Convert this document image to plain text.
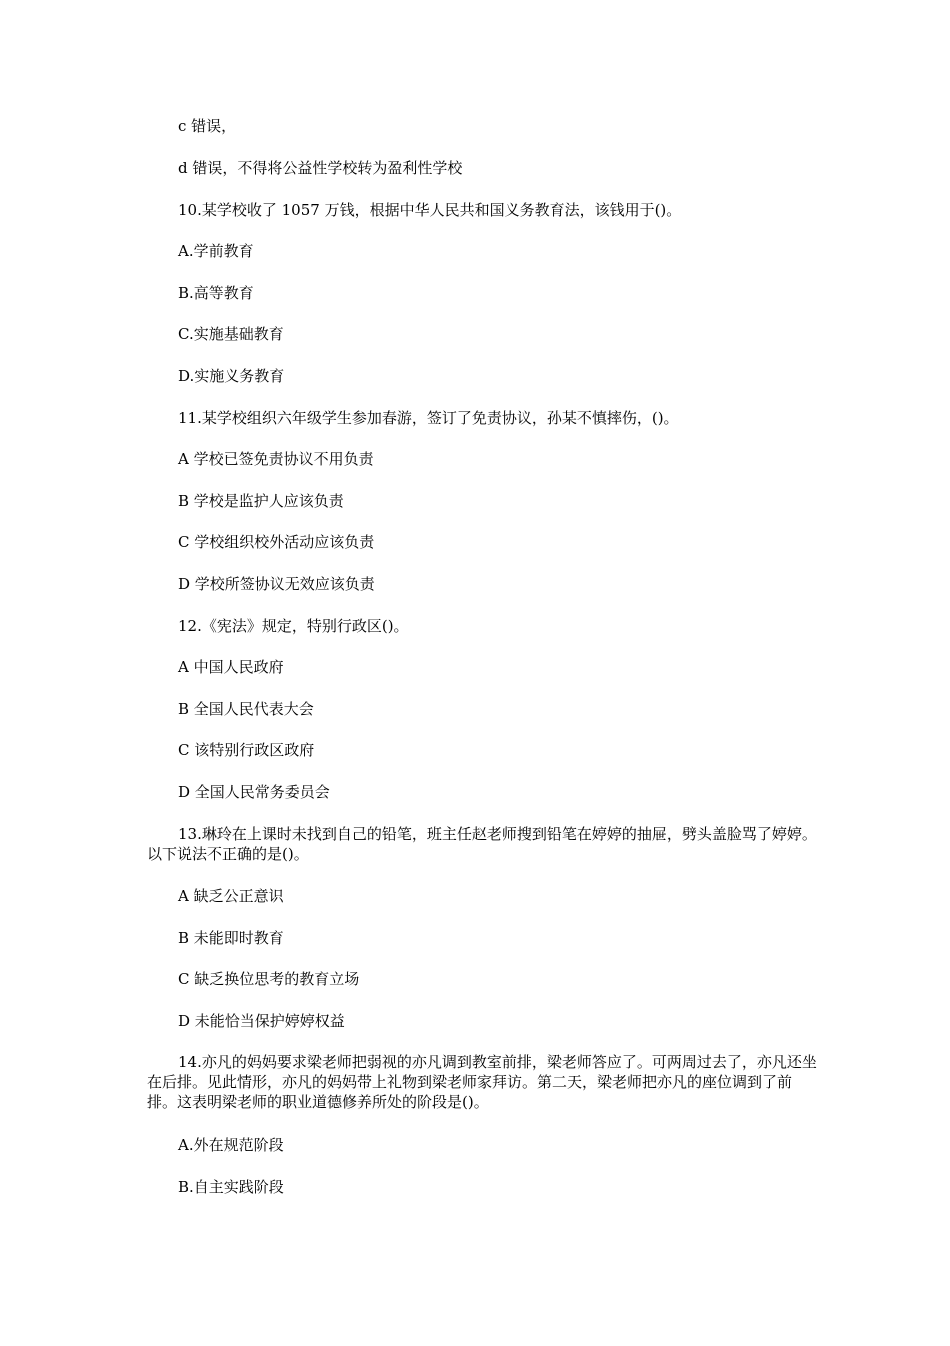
c 错误，
d 错误，不得将公益性学校转为盈利性学校
10.某学校收了 1057 万钱，根据中华人民共和国义务教育法，该钱用于()。
A.学前教育
B.高等教育
C.实施基础教育
D.实施义务教育
11.某学校组织六年级学生参加春游，签订了免责协议，孙某不慎摔伤，()。
A 学校已签免责协议不用负责
B 学校是监护人应该负责
C 学校组织校外活动应该负责
D 学校所签协议无效应该负责
12.《宪法》规定，特别行政区()。
A 中国人民政府
B 全国人民代表大会
C 该特别行政区政府
D 全国人民常务委员会
13.琳玲在上课时未找到自己的铅笔，班主任赵老师搜到铅笔在婷婷的抽屉，劈头盖脸骂了婷婷。以下说法不正确的是()。
A 缺乏公正意识
B 未能即时教育
C 缺乏换位思考的教育立场
D 未能恰当保护婷婷权益
14.亦凡的妈妈要求梁老师把弱视的亦凡调到教室前排，梁老师答应了。可两周过去了，亦凡还坐在后排。见此情形，亦凡的妈妈带上礼物到梁老师家拜访。第二天，梁老师把亦凡的座位调到了前排。这表明梁老师的职业道德修养所处的阶段是()。
A.外在规范阶段
B.自主实践阶段
